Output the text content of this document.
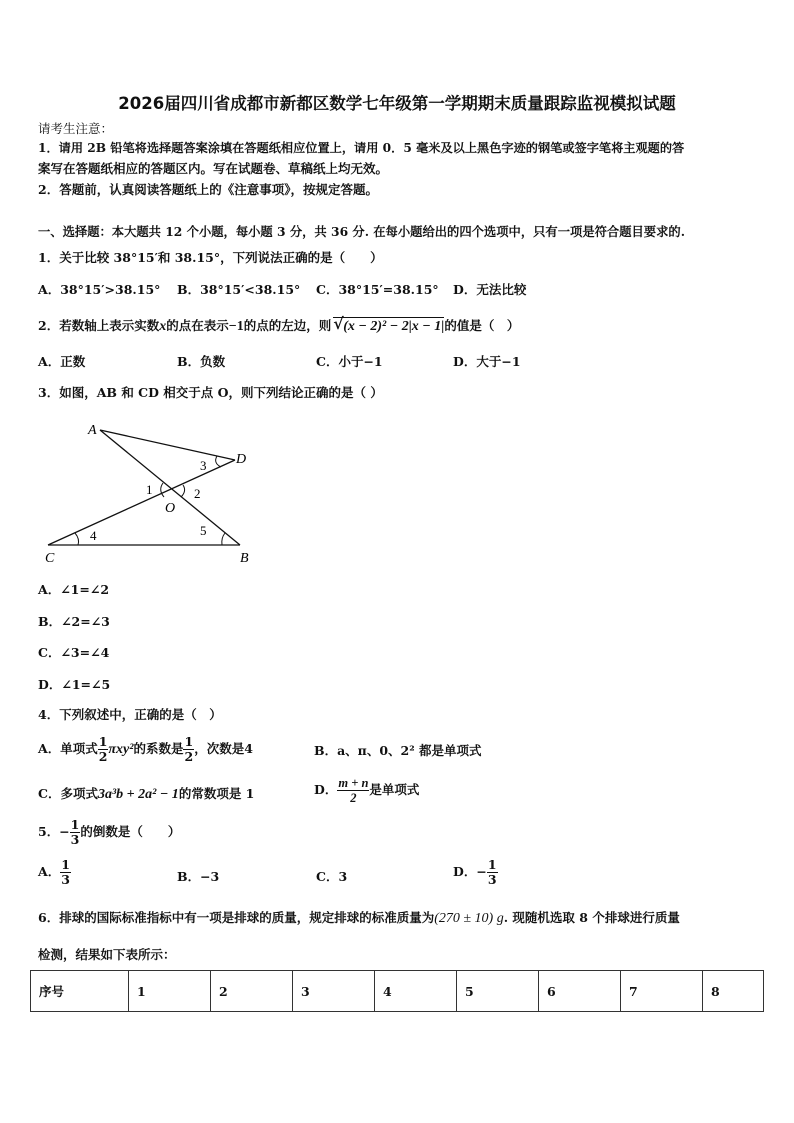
2026届四川省成都市新都区数学七年级第一学期期末质量跟踪监视模拟试题
请考生注意：
1．请用 2B 铅笔将选择题答案涂填在答题纸相应位置上，请用 0．5 毫米及以上黑色字迹的钢笔或签字笔将主观题的答
案写在答题纸相应的答题区内。写在试题卷、草稿纸上均无效。
2．答题前，认真阅读答题纸上的《注意事项》，按规定答题。
一、选择题：本大题共 12 个小题，每小题 3 分，共 36 分. 在每小题给出的四个选项中，只有一项是符合题目要求的.
1．关于比较 38°15′和 38.15°，下列说法正确的是（　　）
A．38°15′>38.15° B．38°15′<38.15° C．38°15′=38.15° D．无法比较
2．若数轴上表示实数x的点在表示−1的点的左边，则 √ (x − 2)² − 2|x − 1|的值是（　）
A．正数	B．负数	C．小于−1	D．大于−1
3．如图，AB 和 CD 相交于点 O，则下列结论正确的是（ ）
A
D
O
C	B
1	2
3
4	5
A．∠1=∠2
B．∠2=∠3
C．∠3=∠4
D．∠1=∠5
4．下列叙述中，正确的是（　）
A．单项式 $\frac{1}{2} \pi xy^2$的系数是 $\frac{1}{2}$ ，次数是4	B．a、π、0、2² 都是单项式
C．多项式3a³b + 2a² − 1的常数项是 1	D． $\frac{m + n}{2}$ 是单项式
5．− $\frac{1}{3}$ 的倒数是（　　）
A． $\frac{1}{3}$	B．−3	C．3	D．− $\frac{1}{3}$
6．排球的国际标准指标中有一项是排球的质量，规定排球的标准质量为(270 ± 10) g. 现随机选取 8 个排球进行质量
检测，结果如下表所示：
序号	1	2	3	4	5	6	7	8
